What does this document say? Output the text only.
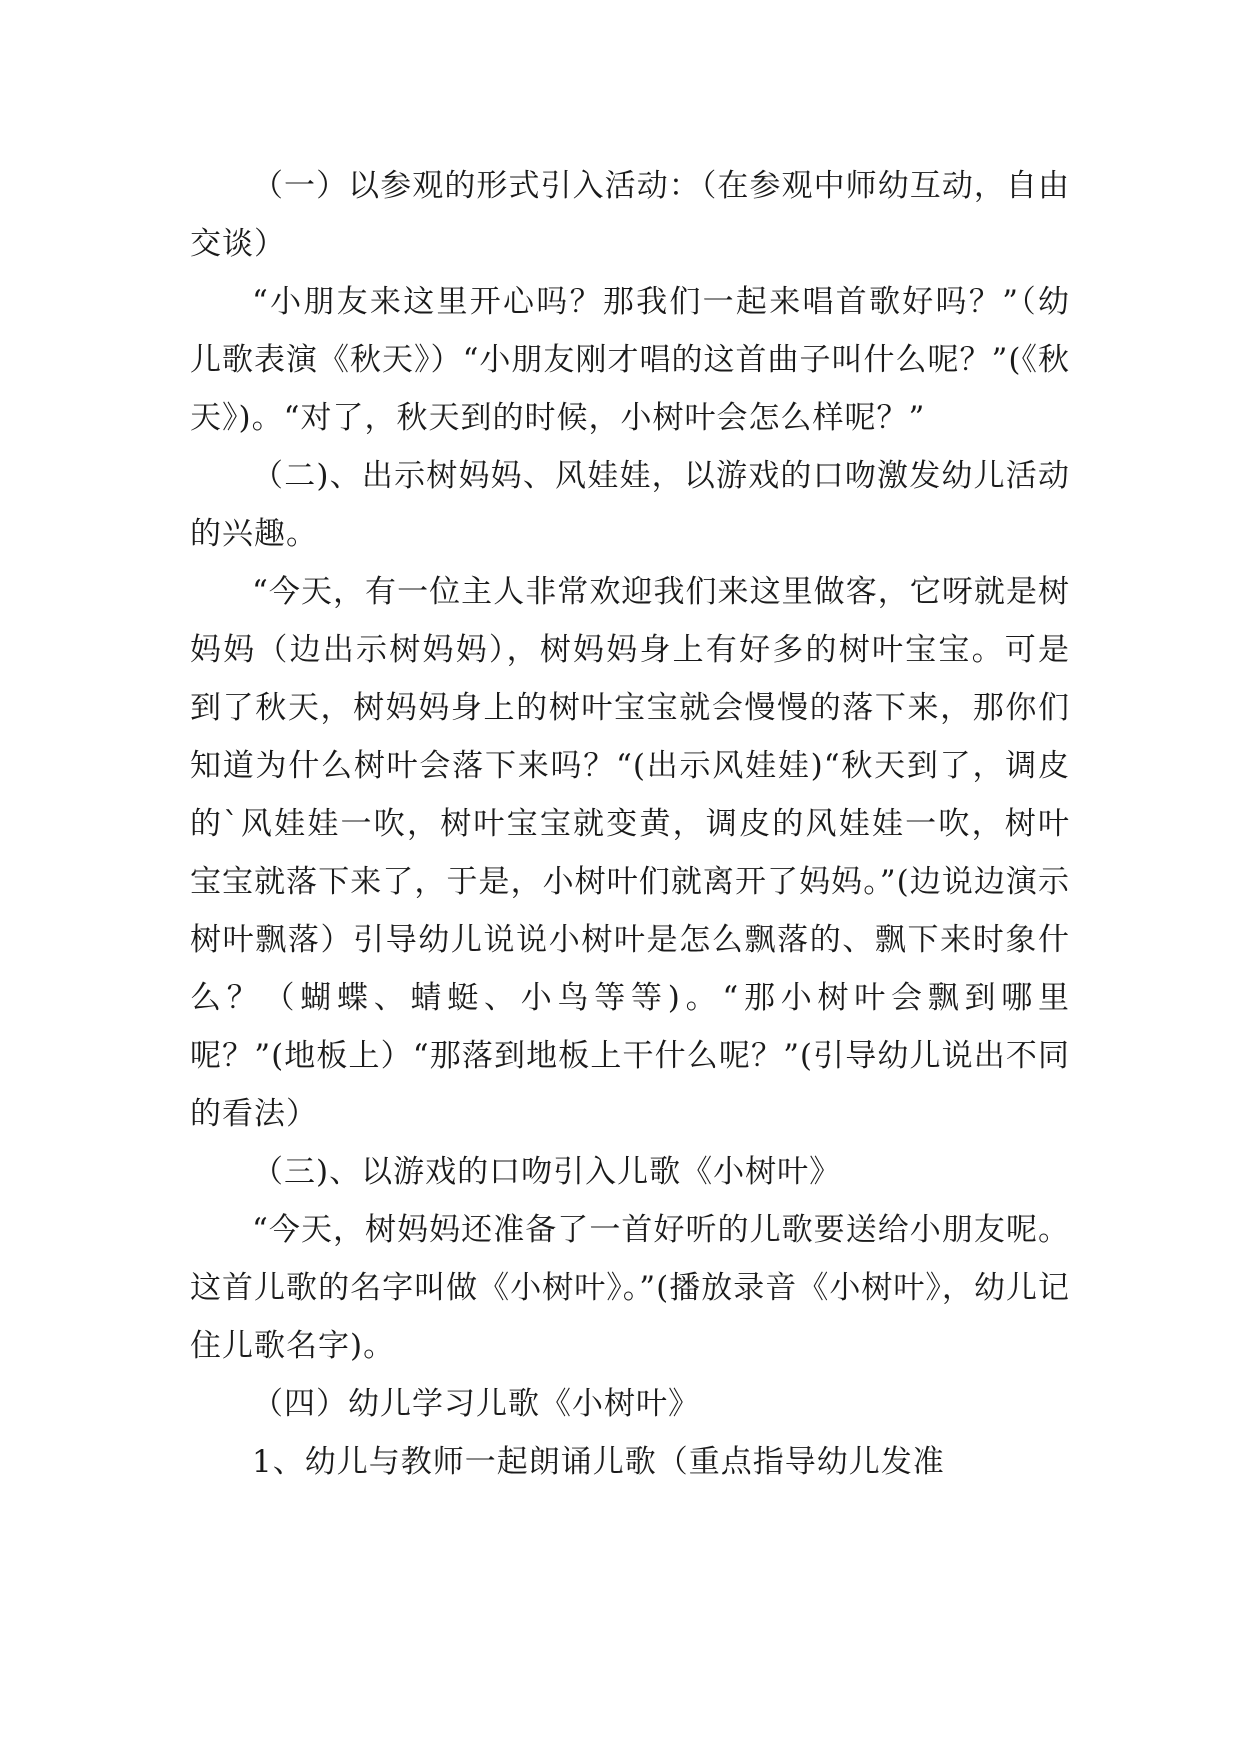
（一）以参观的形式引入活动：（在参观中师幼互动，自由交谈）

“小朋友来这里开心吗？那我们一起来唱首歌好吗？”（幼儿歌表演《秋天》）“小朋友刚才唱的这首曲子叫什么呢？”(《秋天》)。“对了，秋天到的时候，小树叶会怎么样呢？”

（二)、出示树妈妈、风娃娃，以游戏的口吻激发幼儿活动的兴趣。

“今天，有一位主人非常欢迎我们来这里做客，它呀就是树妈妈（边出示树妈妈），树妈妈身上有好多的树叶宝宝。可是到了秋天，树妈妈身上的树叶宝宝就会慢慢的落下来，那你们知道为什么树叶会落下来吗？“(出示风娃娃)“秋天到了，调皮的`风娃娃一吹，树叶宝宝就变黄，调皮的风娃娃一吹，树叶宝宝就落下来了，于是，小树叶们就离开了妈妈。”(边说边演示树叶飘落）引导幼儿说说小树叶是怎么飘落的、飘下来时象什么？（蝴蝶、蜻蜓、小鸟等等)。“那小树叶会飘到哪里呢？”(地板上）“那落到地板上干什么呢？”(引导幼儿说出不同的看法）

（三)、以游戏的口吻引入儿歌《小树叶》

“今天，树妈妈还准备了一首好听的儿歌要送给小朋友呢。这首儿歌的名字叫做《小树叶》。”(播放录音《小树叶》，幼儿记住儿歌名字)。

（四）幼儿学习儿歌《小树叶》

1、幼儿与教师一起朗诵儿歌（重点指导幼儿发准
